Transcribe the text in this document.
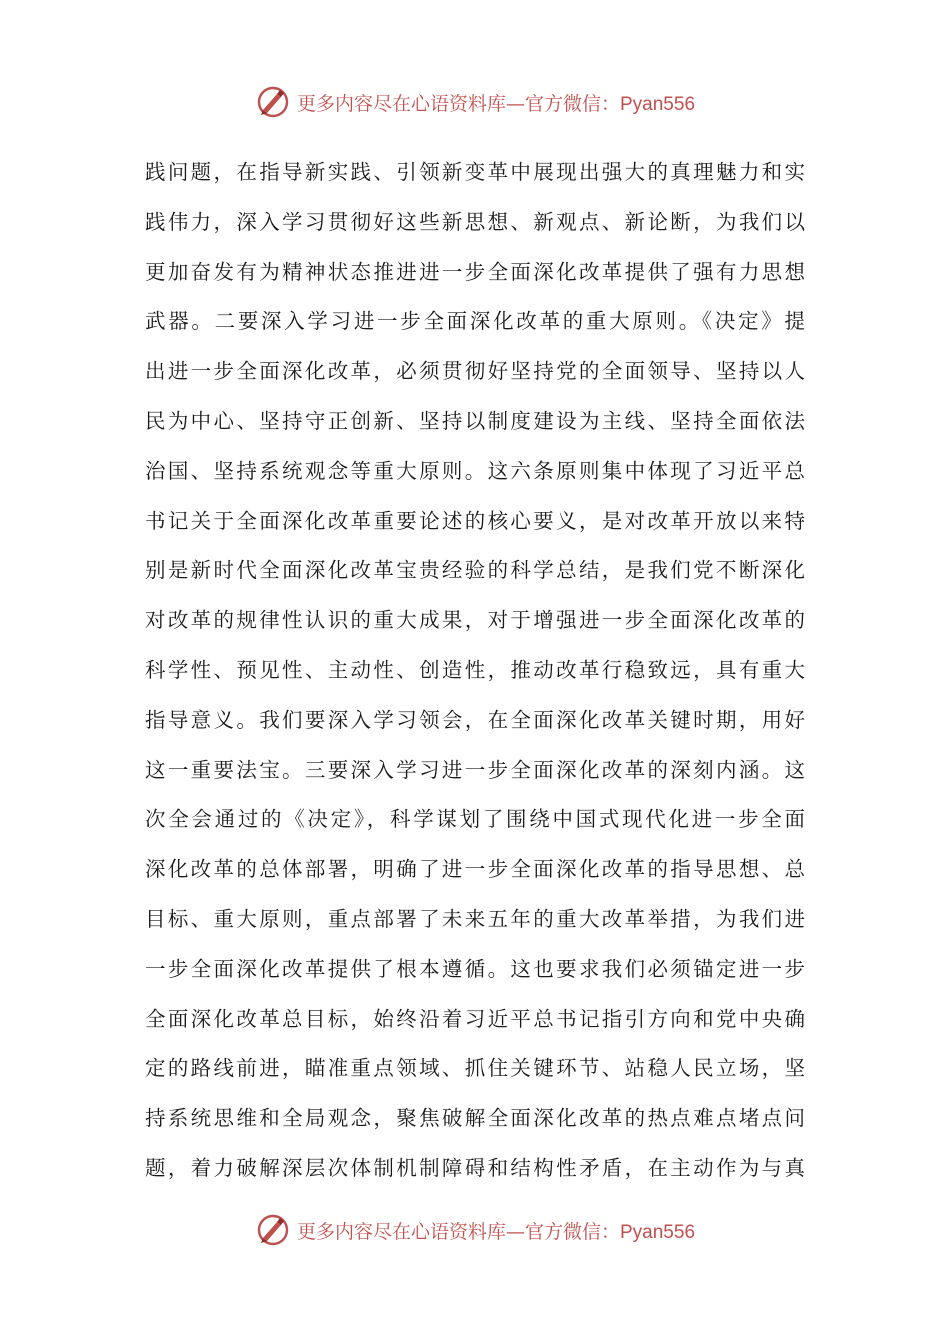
更多内容尽在心语资料库—官方微信：Pyan556
践问题，在指导新实践、引领新变革中展现出强大的真理魅力和实
践伟力，深入学习贯彻好这些新思想、新观点、新论断，为我们以
更加奋发有为精神状态推进进一步全面深化改革提供了强有力思想
武器。二要深入学习进一步全面深化改革的重大原则。《决定》提
出进一步全面深化改革，必须贯彻好坚持党的全面领导、坚持以人
民为中心、坚持守正创新、坚持以制度建设为主线、坚持全面依法
治国、坚持系统观念等重大原则。这六条原则集中体现了习近平总
书记关于全面深化改革重要论述的核心要义，是对改革开放以来特
别是新时代全面深化改革宝贵经验的科学总结，是我们党不断深化
对改革的规律性认识的重大成果，对于增强进一步全面深化改革的
科学性、预见性、主动性、创造性，推动改革行稳致远，具有重大
指导意义。我们要深入学习领会，在全面深化改革关键时期，用好
这一重要法宝。三要深入学习进一步全面深化改革的深刻内涵。这
次全会通过的《决定》，科学谋划了围绕中国式现代化进一步全面
深化改革的总体部署，明确了进一步全面深化改革的指导思想、总
目标、重大原则，重点部署了未来五年的重大改革举措，为我们进
一步全面深化改革提供了根本遵循。这也要求我们必须锚定进一步
全面深化改革总目标，始终沿着习近平总书记指引方向和党中央确
定的路线前进，瞄准重点领域、抓住关键环节、站稳人民立场，坚
持系统思维和全局观念，聚焦破解全面深化改革的热点难点堵点问
题，着力破解深层次体制机制障碍和结构性矛盾，在主动作为与真
更多内容尽在心语资料库—官方微信：Pyan556
